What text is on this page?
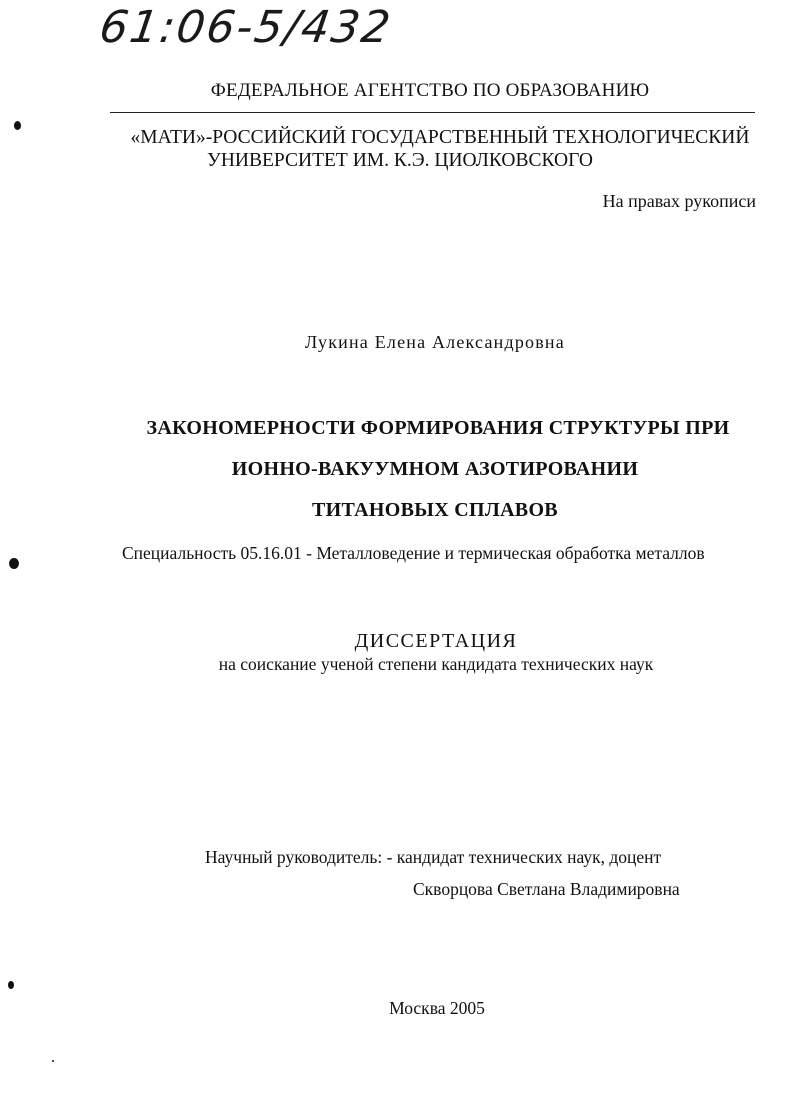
61:06-5/432
ФЕДЕРАЛЬНОЕ АГЕНТСТВО ПО ОБРАЗОВАНИЮ
«МАТИ»-РОССИЙСКИЙ ГОСУДАРСТВЕННЫЙ ТЕХНОЛОГИЧЕСКИЙ
УНИВЕРСИТЕТ ИМ. К.Э. ЦИОЛКОВСКОГО
На правах рукописи
Лукина Елена Александровна
ЗАКОНОМЕРНОСТИ ФОРМИРОВАНИЯ СТРУКТУРЫ ПРИ
ИОННО-ВАКУУМНОМ АЗОТИРОВАНИИ
ТИТАНОВЫХ СПЛАВОВ
Специальность 05.16.01 - Металловедение и термическая обработка металлов
ДИССЕРТАЦИЯ
на соискание ученой степени кандидата технических наук
Научный руководитель: - кандидат технических наук, доцент
Скворцова Светлана Владимировна
Москва 2005
